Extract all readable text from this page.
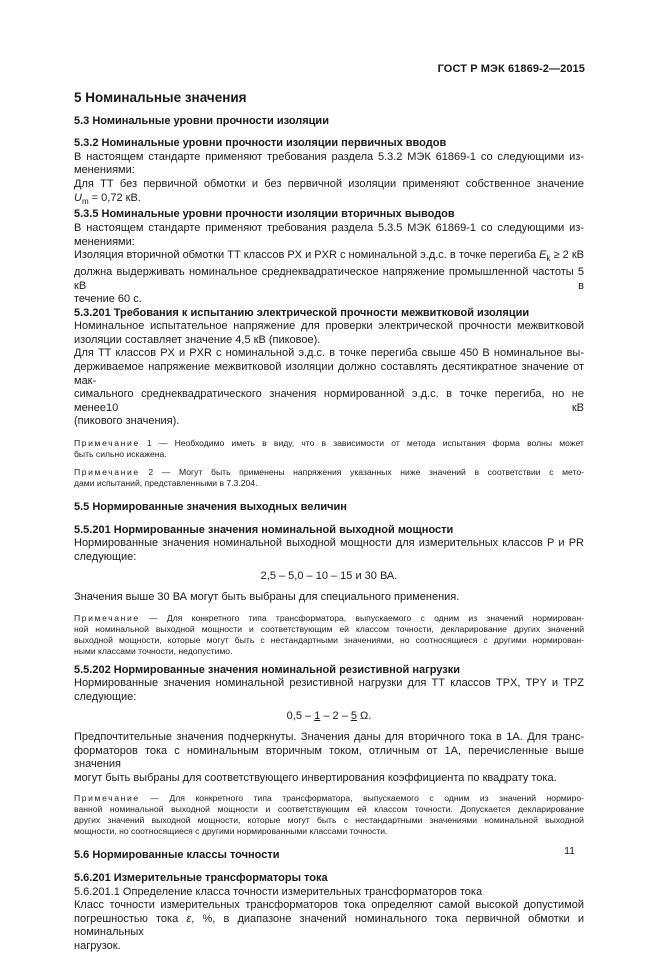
ГОСТ Р МЭК 61869-2—2015
5 Номинальные значения
5.3 Номинальные уровни прочности изоляции
5.3.2 Номинальные уровни прочности изоляции первичных вводов

В настоящем стандарте применяют требования раздела 5.3.2 МЭК 61869-1 со следующими из-

менениями:

Для ТТ без первичной обмотки и без первичной изоляции применяют собственное значение

$U_m = 0,72$ кВ.

5.3.5 Номинальные уровни прочности изоляции вторичных выводов

В настоящем стандарте применяют требования раздела 5.3.5 МЭК 61869-1 со следующими из-

менениями:

Изоляция вторичной обмотки ТТ классов PX и PXR с номинальной э.д.с. в точке перегиба $E_k \ge 2$ кВ

должна выдерживать номинальное среднеквадратическое напряжение промышленной частоты 5 кВ в

течение 60 с.

5.3.201 Требования к испытанию электрической прочности межвитковой изоляции

Номинальное испытательное напряжение для проверки электрической прочности межвитковой

изоляции составляет значение 4,5 кВ (пиковое).

Для ТТ классов PX и PXR с номинальной э.д.с. в точке перегиба свыше 450 В номинальное вы-

держиваемое напряжение межвитковой изоляции должно составлять десятикратное значение от мак-

симального среднеквадратического значения нормированной э.д.с. в точке перегиба, но не менее10 кВ

(пикового значения).

Примечание 1 — Необходимо иметь в виду, что в зависимости от метода испытания форма волны может
быть сильно искажена.
Примечание 2 — Могут быть применены напряжения указанных ниже значений в соответствии с мето-
дами испытаний, представленными в 7.3.204.
5.5 Нормированные значения выходных величин
5.5.201 Нормированные значения номинальной выходной мощности

Нормированные значения номинальной выходной мощности для измерительных классов Р и PR

следующие:

2,5 – 5,0 – 10 – 15 и 30 ВА.

Значения выше 30 ВА могут быть выбраны для специального применения.

Примечание — Для конкретного типа трансформатора, выпускаемого с одним из значений нормирован-
ной номинальной выходной мощности и соответствующим ей классом точности, декларирование других значений
выходной мощности, которые могут быть с нестандартными значениями, но соотносящиеся с другими нормирован-
ными классами точности, недопустимо.
5.5.202 Нормированные значения номинальной резистивной нагрузки

Нормированные значения номинальной резистивной нагрузки для ТТ классов TPX, TPY и TPZ

следующие:

0,5 – 1 – 2 – 5 Ω.

Предпочтительные значения подчеркнуты. Значения даны для вторичного тока в 1А. Для транс-

форматоров тока с номинальным вторичным током, отличным от 1А, перечисленные выше значения

могут быть выбраны для соответствующего инвертирования коэффициента по квадрату тока.

Примечание — Для конкретного типа трансформатора, выпускаемого с одним из значений нормиро-
ванной номинальной выходной мощности и соответствующим ей классом точности. Допускается декларирование
других значений выходной мощности, которые могут быть с нестандартными значениями номинальной выходной
мощности, но соотносящиеся с другими нормированными классами точности.
5.6 Нормированные классы точности
5.6.201 Измерительные трансформаторы тока

5.6.201.1 Определение класса точности измерительных трансформаторов тока

Класс точности измерительных трансформаторов тока определяют самой высокой допустимой

погрешностью тока ε, %, в диапазоне значений номинального тока первичной обмотки и номинальных

нагрузок.

11
